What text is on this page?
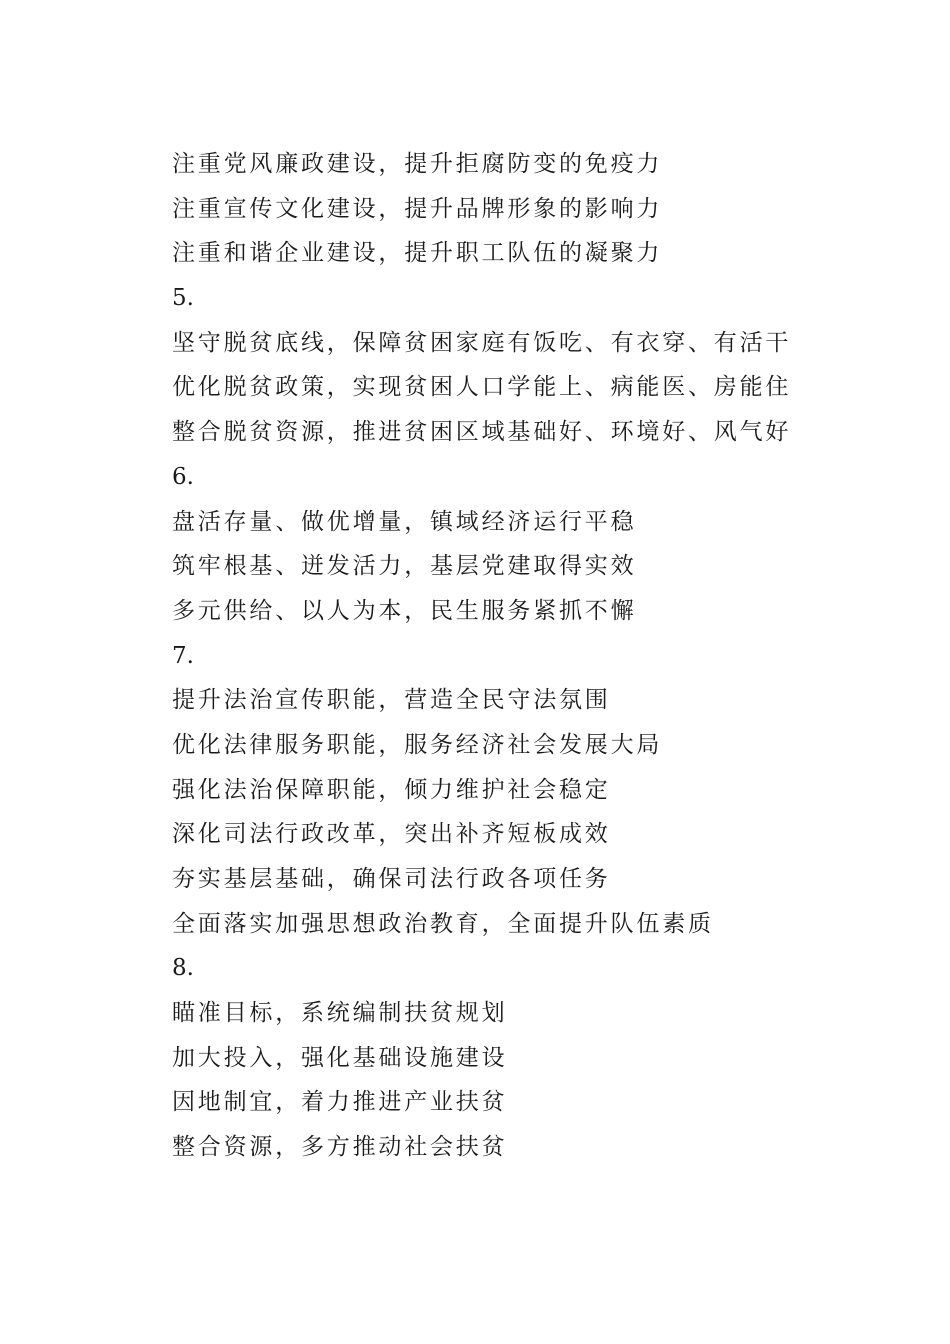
注重党风廉政建设，提升拒腐防变的免疫力
注重宣传文化建设，提升品牌形象的影响力
注重和谐企业建设，提升职工队伍的凝聚力
5.
坚守脱贫底线，保障贫困家庭有饭吃、有衣穿、有活干
优化脱贫政策，实现贫困人口学能上、病能医、房能住
整合脱贫资源，推进贫困区域基础好、环境好、风气好
6.
盘活存量、做优增量，镇域经济运行平稳
筑牢根基、迸发活力，基层党建取得实效
多元供给、以人为本，民生服务紧抓不懈
7.
提升法治宣传职能，营造全民守法氛围
优化法律服务职能，服务经济社会发展大局
强化法治保障职能，倾力维护社会稳定
深化司法行政改革，突出补齐短板成效
夯实基层基础，确保司法行政各项任务
全面落实加强思想政治教育，全面提升队伍素质
8.
瞄准目标，系统编制扶贫规划
加大投入，强化基础设施建设
因地制宜，着力推进产业扶贫
整合资源，多方推动社会扶贫
